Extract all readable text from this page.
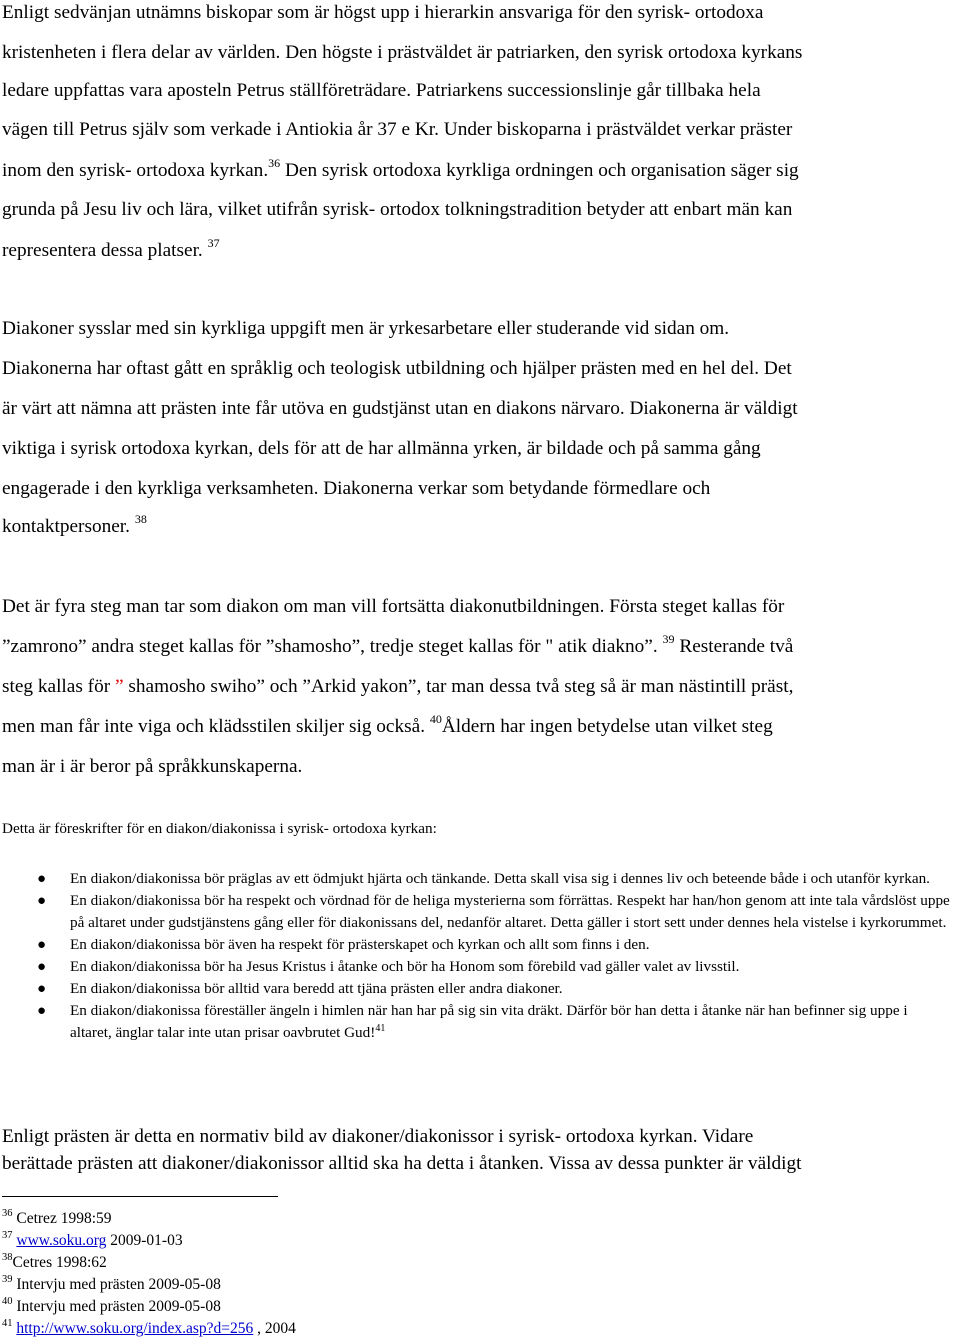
Enligt sedvänjan utnämns biskopar som är högst upp i hierarkin ansvariga för den syrisk- ortodoxa
kristenheten i flera delar av världen. Den högste i prästväldet är patriarken, den syrisk ortodoxa kyrkans
ledare uppfattas vara aposteln Petrus ställföreträdare. Patriarkens successionslinje går tillbaka hela
vägen till Petrus själv som verkade i Antiokia år 37 e Kr. Under biskoparna i prästväldet verkar präster
inom den syrisk- ortodoxa kyrkan.$^{36}$ Den syrisk ortodoxa kyrkliga ordningen och organisation säger sig
grunda på Jesu liv och lära, vilket utifrån syrisk- ortodox tolkningstradition betyder att enbart män kan
representera dessa platser. $^{37}$
Diakoner sysslar med sin kyrkliga uppgift men är yrkesarbetare eller studerande vid sidan om.
Diakonerna har oftast gått en språklig och teologisk utbildning och hjälper prästen med en hel del. Det
är värt att nämna att prästen inte får utöva en gudstjänst utan en diakons närvaro. Diakonerna är väldigt
viktiga i syrisk ortodoxa kyrkan, dels för att de har allmänna yrken, är bildade och på samma gång
engagerade i den kyrkliga verksamheten. Diakonerna verkar som betydande förmedlare och
kontaktpersoner. $^{38}$
Det är fyra steg man tar som diakon om man vill fortsätta diakonutbildningen. Första steget kallas för
”zamrono” andra steget kallas för ”shamosho”, tredje steget kallas för " atik diakno”. $^{39}$ Resterande två
steg kallas för ” shamosho swiho” och ”Arkid yakon”, tar man dessa två steg så är man nästintill präst,
men man får inte viga och klädsstilen skiljer sig också. $^{40}$Åldern har ingen betydelse utan vilket steg
man är i är beror på språkkunskaperna.
Detta är föreskrifter för en diakon/diakonissa i syrisk- ortodoxa kyrkan:
● En diakon/diakonissa bör präglas av ett ödmjukt hjärta och tänkande. Detta skall visa sig i dennes liv och beteende både i och utanför kyrkan.
● En diakon/diakonissa bör ha respekt och vördnad för de heliga mysterierna som förrättas. Respekt har han/hon genom att inte tala vårdslöst uppe på altaret under gudstjänstens gång eller för diakonissans del, nedanför altaret. Detta gäller i stort sett under dennes hela vistelse i kyrkorummet.
● En diakon/diakonissa bör även ha respekt för prästerskapet och kyrkan och allt som finns i den.
● En diakon/diakonissa bör ha Jesus Kristus i åtanke och bör ha Honom som förebild vad gäller valet av livsstil.
● En diakon/diakonissa bör alltid vara beredd att tjäna prästen eller andra diakoner.
● En diakon/diakonissa föreställer ängeln i himlen när han har på sig sin vita dräkt. Därför bör han detta i åtanke när han befinner sig uppe i altaret, änglar talar inte utan prisar oavbrutet Gud!$^{41}$
Enligt prästen är detta en normativ bild av diakoner/diakonissor i syrisk- ortodoxa kyrkan. Vidare
berättade prästen att diakoner/diakonissor alltid ska ha detta i åtanken. Vissa av dessa punkter är väldigt
$^{36}$ Cetrez 1998:59
$^{37}$ www.soku.org 2009-01-03
$^{38}$Cetres 1998:62
$^{39}$ Intervju med prästen 2009-05-08
$^{40}$ Intervju med prästen 2009-05-08
$^{41}$ http://www.soku.org/index.asp?d=256 , 2004
